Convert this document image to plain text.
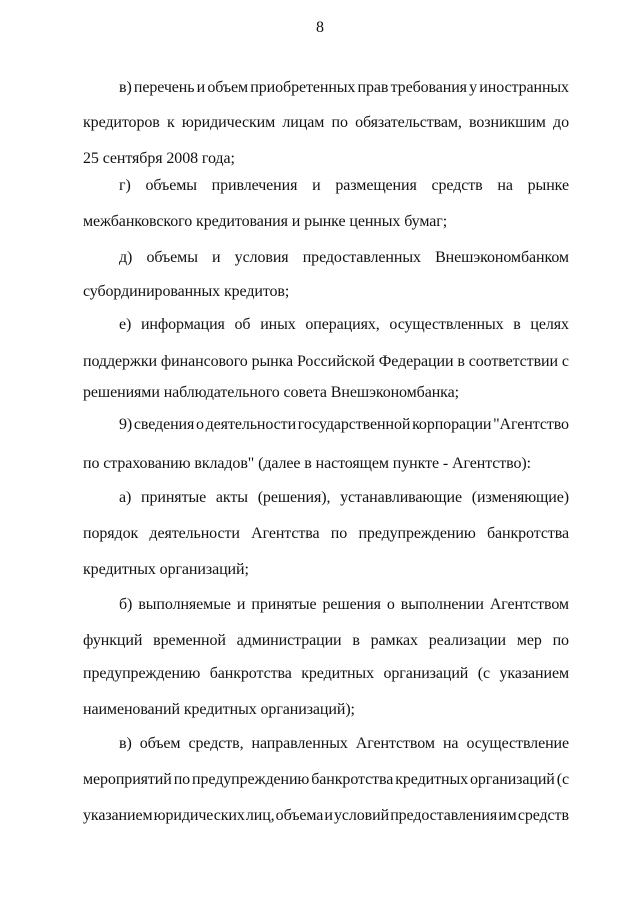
8
в) перечень и объем приобретенных прав требования у иностранных
кредиторов к юридическим лицам по обязательствам, возникшим до
25 сентября 2008 года;
г) объемы привлечения и размещения средств на рынке
межбанковского кредитования и рынке ценных бумаг;
д) объемы и условия предоставленных Внешэкономбанком
субординированных кредитов;
е) информация об иных операциях, осуществленных в целях
поддержки финансового рынка Российской Федерации в соответствии с
решениями наблюдательного совета Внешэкономбанка;
9) сведения о деятельности государственной корпорации "Агентство
по страхованию вкладов" (далее в настоящем пункте - Агентство):
а) принятые акты (решения), устанавливающие (изменяющие)
порядок деятельности Агентства по предупреждению банкротства
кредитных организаций;
б) выполняемые и принятые решения о выполнении Агентством
функций временной администрации в рамках реализации мер по
предупреждению банкротства кредитных организаций (с указанием
наименований кредитных организаций);
в) объем средств, направленных Агентством на осуществление
мероприятий по предупреждению банкротства кредитных организаций (с
указанием юридических лиц, объема и условий предоставления им средств
